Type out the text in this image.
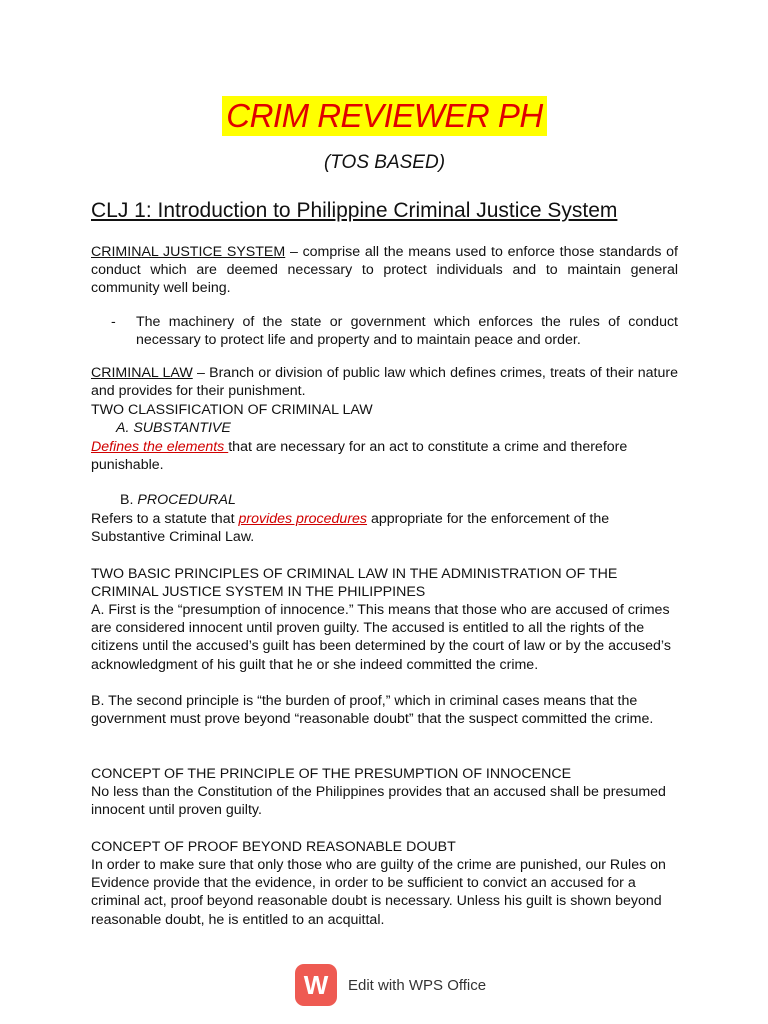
CRIM REVIEWER PH
(TOS BASED)
CLJ 1: Introduction to Philippine Criminal Justice System
CRIMINAL JUSTICE SYSTEM – comprise all the means used to enforce those standards of conduct which are deemed necessary to protect individuals and to maintain general community well being.
- The machinery of the state or government which enforces the rules of conduct necessary to protect life and property and to maintain peace and order.
CRIMINAL LAW – Branch or division of public law which defines crimes, treats of their nature and provides for their punishment.
TWO CLASSIFICATION OF CRIMINAL LAW
A. SUBSTANTIVE
Defines the elements that are necessary for an act to constitute a crime and therefore punishable.
B. PROCEDURAL
Refers to a statute that provides procedures appropriate for the enforcement of the Substantive Criminal Law.
TWO BASIC PRINCIPLES OF CRIMINAL LAW IN THE ADMINISTRATION OF THE CRIMINAL JUSTICE SYSTEM IN THE PHILIPPINES
A. First is the “presumption of innocence.” This means that those who are accused of crimes are considered innocent until proven guilty. The accused is entitled to all the rights of the citizens until the accused’s guilt has been determined by the court of law or by the accused’s acknowledgment of his guilt that he or she indeed committed the crime.
B. The second principle is “the burden of proof,” which in criminal cases means that the government must prove beyond “reasonable doubt” that the suspect committed the crime.
CONCEPT OF THE PRINCIPLE OF THE PRESUMPTION OF INNOCENCE
No less than the Constitution of the Philippines provides that an accused shall be presumed innocent until proven guilty.
CONCEPT OF PROOF BEYOND REASONABLE DOUBT
In order to make sure that only those who are guilty of the crime are punished, our Rules on Evidence provide that the evidence, in order to be sufficient to convict an accused for a criminal act, proof beyond reasonable doubt is necessary. Unless his guilt is shown beyond reasonable doubt, he is entitled to an acquittal.
W	Edit with WPS Office
